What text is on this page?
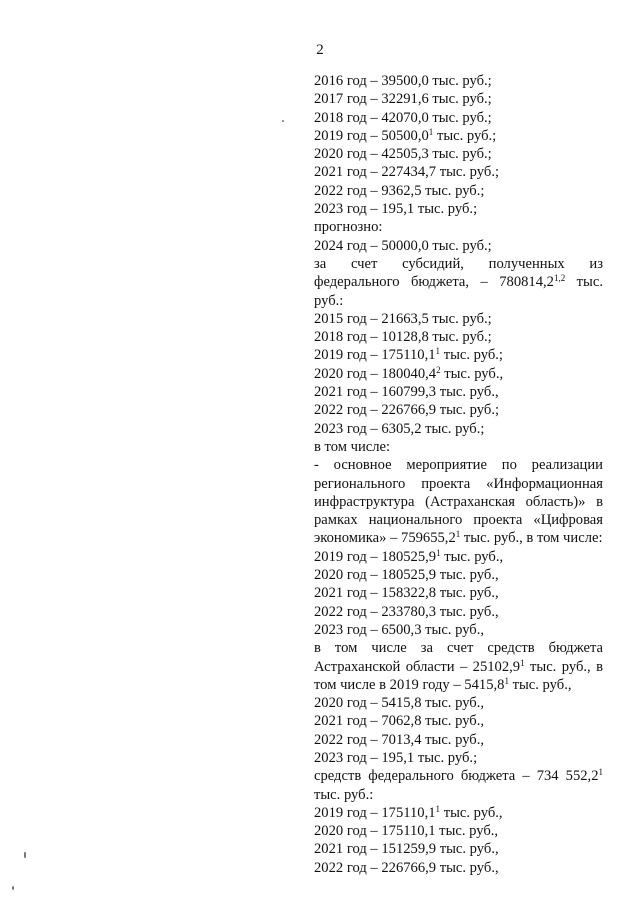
2

2016 год – 39500,0 тыс. руб.;

2017 год – 32291,6 тыс. руб.;

2018 год – 42070,0 тыс. руб.;

2019 год – 50500,0$^1$ тыс. руб.;

2020 год – 42505,3 тыс. руб.;

2021 год – 227434,7 тыс. руб.;

2022 год – 9362,5 тыс. руб.;

2023 год – 195,1 тыс. руб.;

прогнозно:

2024 год – 50000,0 тыс. руб.;

за счет субсидий, полученных из федерального бюджета, – 780814,2$^{1,2}$ тыс. руб.:

2015 год – 21663,5 тыс. руб.;

2018 год – 10128,8 тыс. руб.;

2019 год – 175110,1$^1$ тыс. руб.;

2020 год – 180040,4$^2$ тыс. руб.,

2021 год – 160799,3 тыс. руб.,

2022 год – 226766,9 тыс. руб.;

2023 год – 6305,2 тыс. руб.;

в том числе:

- основное мероприятие по реализации регионального проекта «Информационная инфраструктура (Астраханская область)» в рамках национального проекта «Цифровая экономика» – 759655,2$^1$ тыс. руб., в том числе:

2019 год – 180525,9$^1$ тыс. руб.,

2020 год – 180525,9 тыс. руб.,

2021 год – 158322,8 тыс. руб.,

2022 год – 233780,3 тыс. руб.,

2023 год – 6500,3 тыс. руб.,

в том числе за счет средств бюджета Астраханской области – 25102,9$^1$ тыс. руб., в том числе в 2019 году – 5415,8$^1$ тыс. руб.,

2020 год – 5415,8 тыс. руб.,

2021 год – 7062,8 тыс. руб.,

2022 год – 7013,4 тыс. руб.,

2023 год – 195,1 тыс. руб.;

средств федерального бюджета – 734 552,2$^1$ тыс. руб.:

2019 год – 175110,1$^1$ тыс. руб.,

2020 год – 175110,1 тыс. руб.,

2021 год – 151259,9 тыс. руб.,

2022 год – 226766,9 тыс. руб.,
